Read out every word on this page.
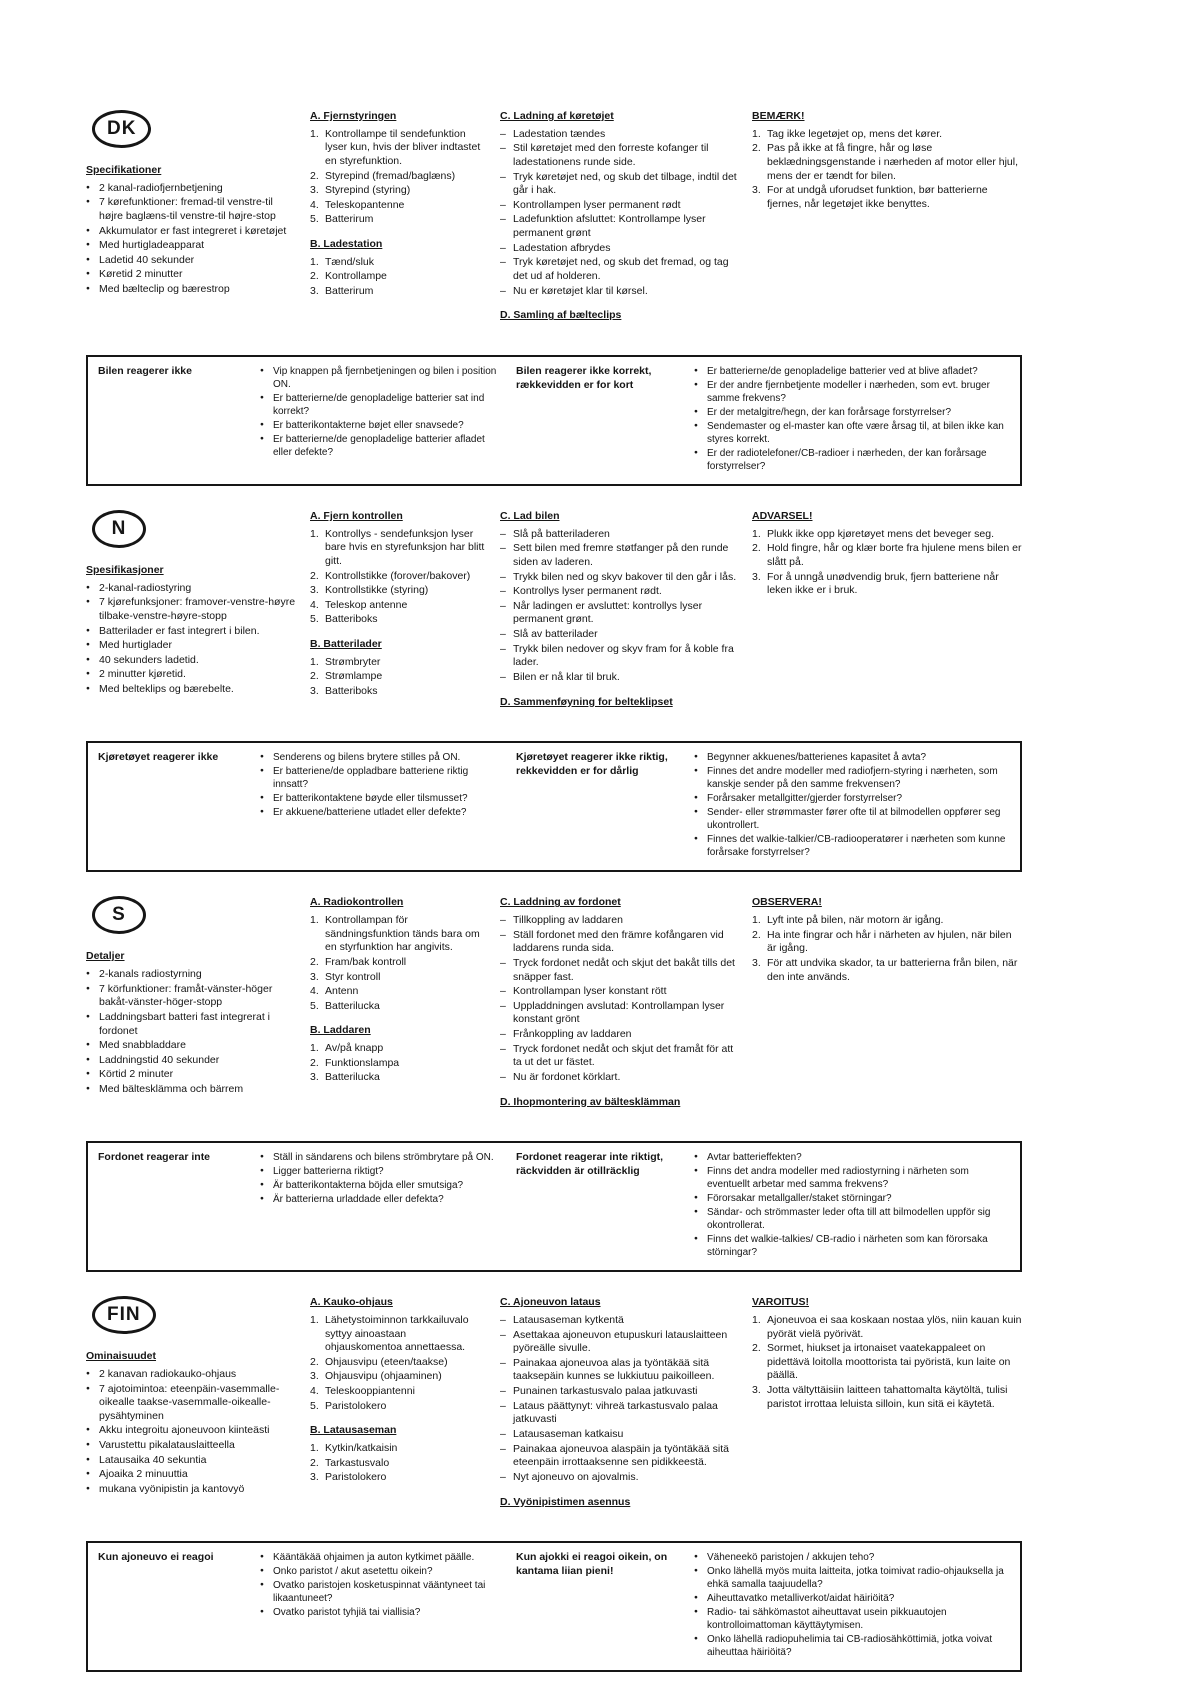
DK
Specifikationer
● 2 kanal-radiofjernbetjening
● 7 kørefunktioner: fremad-til venstre-til højre baglæns-til venstre-til højre-stop
● Akkumulator er fast integreret i køretøjet
● Med hurtigladeapparat
● Ladetid 40 sekunder
● Køretid 2 minutter
● Med bælteclip og bærestrop
A. Fjernstyringen
Kontrollampe til sendefunktion lyser kun, hvis der bliver indtastet en styrefunktion.
Styrepind (fremad/baglæns)
Styrepind (styring)
Teleskopantenne
Batterirum
B. Ladestation
Tænd/sluk
Kontrollampe
Batterirum
C. Ladning af køretøjet
– Ladestation tændes
– Stil køretøjet med den forreste kofanger til ladestationens runde side.
– Tryk køretøjet ned, og skub det tilbage, indtil det går i hak.
– Kontrollampen lyser permanent rødt
– Ladefunktion afsluttet: Kontrollampe lyser permanent grønt
– Ladestation afbrydes
– Tryk køretøjet ned, og skub det fremad, og tag det ud af holderen.
– Nu er køretøjet klar til kørsel.
D. Samling af bælteclips
BEMÆRK!
Tag ikke legetøjet op, mens det kører.
Pas på ikke at få fingre, hår og løse beklædningsgenstande i nærheden af motor eller hjul, mens der er tændt for bilen.
For at undgå uforudset funktion, bør batterierne fjernes, når legetøjet ikke benyttes.
Bilen reagerer ikke	● Vip knappen på fjernbetjeningen og bilen i position ON.
● Er batterierne/de genopladelige batterier sat ind korrekt?
● Er batterikontakterne bøjet eller snavsede?
● Er batterierne/de genopladelige batterier afladet eller defekte?
Bilen reagerer ikke korrekt, rækkevidden er for kort
● Er batterierne/de genopladelige batterier ved at blive afladet?
● Er der andre fjernbetjente modeller i nærheden, som evt. bruger samme frekvens?
● Er der metalgitre/hegn, der kan forårsage forstyrrelser?
● Sendemaster og el-master kan ofte være årsag til, at bilen ikke kan styres korrekt.
● Er der radiotelefoner/CB-radioer i nærheden, der kan forårsage forstyrrelser?
N
Spesifikasjoner
● 2-kanal-radiostyring
● 7 kjørefunksjoner: framover-venstre-høyre tilbake-venstre-høyre-stopp
● Batterilader er fast integrert i bilen.
● Med hurtiglader
● 40 sekunders ladetid.
● 2 minutter kjøretid.
● Med belteklips og bærebelte.
A. Fjern kontrollen
Kontrollys - sendefunksjon lyser bare hvis en styrefunksjon har blitt gitt.
Kontrollstikke (forover/bakover)
Kontrollstikke (styring)
Teleskop antenne
Batteriboks
B. Batterilader
Strømbryter
Strømlampe
Batteriboks
C. Lad bilen
– Slå på batteriladeren
– Sett bilen med fremre støtfanger på den runde siden av laderen.
– Trykk bilen ned og skyv bakover til den går i lås.
– Kontrollys lyser permanent rødt.
– Når ladingen er avsluttet: kontrollys lyser permanent grønt.
– Slå av batterilader
– Trykk bilen nedover og skyv fram for å koble fra lader.
– Bilen er nå klar til bruk.
D. Sammenføyning for belteklipset
ADVARSEL!
Plukk ikke opp kjøretøyet mens det beveger seg.
Hold fingre, hår og klær borte fra hjulene mens bilen er slått på.
For å unngå unødvendig bruk, fjern batteriene når leken ikke er i bruk.
Kjøretøyet reagerer ikke	● Senderens og bilens brytere stilles på ON.
● Er batteriene/de oppladbare batteriene riktig innsatt?
● Er batterikontaktene bøyde eller tilsmusset?
● Er akkuene/batteriene utladet eller defekte?
Kjøretøyet reagerer ikke riktig, rekkevidden er for dårlig
● Begynner akkuenes/batterienes kapasitet å avta?
● Finnes det andre modeller med radiofjern-styring i nærheten, som kanskje sender på den samme frekvensen?
● Forårsaker metallgitter/gjerder forstyrrelser?
● Sender- eller strømmaster fører ofte til at bilmodellen oppfører seg ukontrollert.
● Finnes det walkie-talkier/CB-radiooperatører i nærheten som kunne forårsake forstyrrelser?
S
Detaljer
● 2-kanals radiostyrning
● 7 körfunktioner: framåt-vänster-höger bakåt-vänster-höger-stopp
● Laddningsbart batteri fast integrerat i fordonet
● Med snabbladdare
● Laddningstid 40 sekunder
● Körtid 2 minuter
● Med bältesklämma och bärrem
A. Radiokontrollen
Kontrollampan för sändningsfunktion tänds bara om en styrfunktion har angivits.
Fram/bak kontroll
Styr kontroll
Antenn
Batterilucka
B. Laddaren
Av/på knapp
Funktionslampa
Batterilucka
C. Laddning av fordonet
– Tillkoppling av laddaren
– Ställ fordonet med den främre kofångaren vid laddarens runda sida.
– Tryck fordonet nedåt och skjut det bakåt tills det snäpper fast.
– Kontrollampan lyser konstant rött
– Uppladdningen avslutad: Kontrollampan lyser konstant grönt
– Frånkoppling av laddaren
– Tryck fordonet nedåt och skjut det framåt för att ta ut det ur fästet.
– Nu är fordonet körklart.
D. Ihopmontering av bältesklämman
OBSERVERA!
Lyft inte på bilen, när motorn är igång.
Ha inte fingrar och hår i närheten av hjulen, när bilen är igång.
För att undvika skador, ta ur batterierna från bilen, när den inte används.
Fordonet reagerar inte	● Ställ in sändarens och bilens strömbrytare på ON.
● Ligger batterierna riktigt?
● Är batterikontakterna böjda eller smutsiga?
● Är batterierna urladdade eller defekta?
Fordonet reagerar inte riktigt, räckvidden är otillräcklig
● Avtar batterieffekten?
● Finns det andra modeller med radiostyrning i närheten som eventuellt arbetar med samma frekvens?
● Förorsakar metallgaller/staket störningar?
● Sändar- och strömmaster leder ofta till att bilmodellen uppför sig okontrollerat.
● Finns det walkie-talkies/ CB-radio i närheten som kan förorsaka störningar?
FIN
Ominaisuudet
● 2 kanavan radiokauko-ohjaus
● 7 ajotoimintoa: eteenpäin-vasemmalle-oikealle taakse-vasemmalle-oikealle-pysähtyminen
● Akku integroitu ajoneuvoon kiinteästi
● Varustettu pikalatauslaitteella
● Latausaika 40 sekuntia
● Ajoaika 2 minuuttia
● mukana vyönipistin ja kantovyö
A. Kauko-ohjaus
Lähetystoiminnon tarkkailuvalo syttyy ainoastaan ohjauskomentoa annettaessa.
Ohjausvipu (eteen/taakse)
Ohjausvipu (ohjaaminen)
Teleskooppiantenni
Paristolokero
B. Latausaseman
Kytkin/katkaisin
Tarkastusvalo
Paristolokero
C. Ajoneuvon lataus
– Latausaseman kytkentä
– Asettakaa ajoneuvon etupuskuri latauslaitteen pyöreälle sivulle.
– Painakaa ajoneuvoa alas ja työntäkää sitä taaksepäin kunnes se lukkiutuu paikoilleen.
– Punainen tarkastusvalo palaa jatkuvasti
– Lataus päättynyt: vihreä tarkastusvalo palaa jatkuvasti
– Latausaseman katkaisu
– Painakaa ajoneuvoa alaspäin ja työntäkää sitä eteenpäin irrottaaksenne sen pidikkeestä.
– Nyt ajoneuvo on ajovalmis.
D. Vyönipistimen asennus
VAROITUS!
Ajoneuvoa ei saa koskaan nostaa ylös, niin kauan kuin pyörät vielä pyörivät.
Sormet, hiukset ja irtonaiset vaatekappaleet on pidettävä loitolla moottorista tai pyöristä, kun laite on päällä.
Jotta vältyttäisiin laitteen tahattomalta käytöltä, tulisi paristot irrottaa leluista silloin, kun sitä ei käytetä.
Kun ajoneuvo ei reagoi	● Kääntäkää ohjaimen ja auton kytkimet päälle.
● Onko paristot / akut asetettu oikein?
● Ovatko paristojen kosketuspinnat vääntyneet tai likaantuneet?
● Ovatko paristot tyhjiä tai viallisia?
Kun ajokki ei reagoi oikein, on kantama liian pieni!
● Väheneekö paristojen / akkujen teho?
● Onko lähellä myös muita laitteita, jotka toimivat radio-ohjauksella ja ehkä samalla taajuudella?
● Aiheuttavatko metalliverkot/aidat häiriöitä?
● Radio- tai sähkömastot aiheuttavat usein pikkuautojen kontrolloimattoman käyttäytymisen.
● Onko lähellä radiopuhelimia tai CB-radiosähköttimiä, jotka voivat aiheuttaa häiriöitä?
